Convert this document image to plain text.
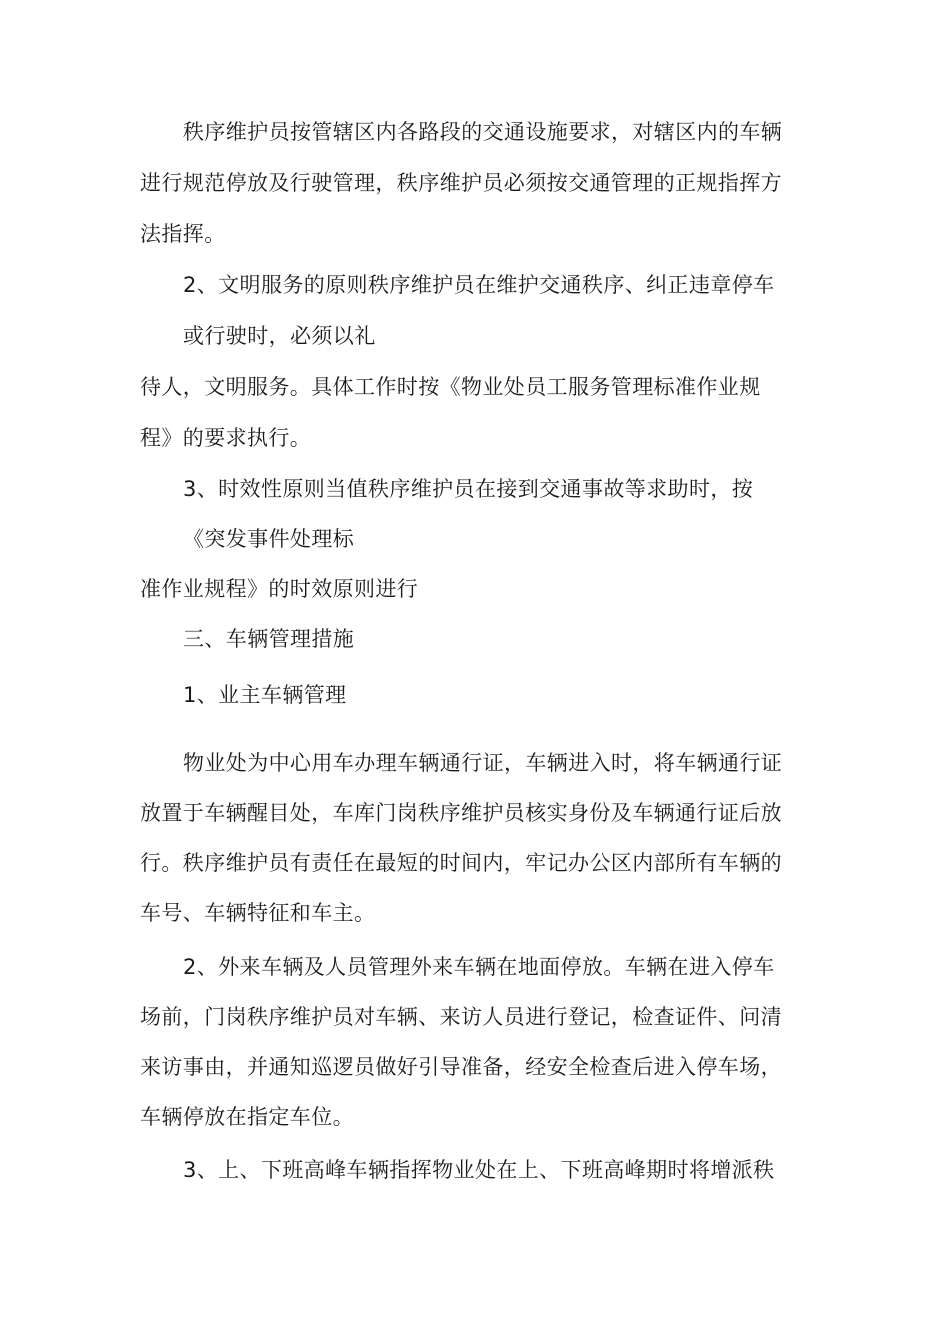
秩序维护员按管辖区内各路段的交通设施要求，对辖区内的车辆
进行规范停放及行驶管理，秩序维护员必须按交通管理的正规指挥方
法指挥。
2、文明服务的原则秩序维护员在维护交通秩序、纠正违章停车
或行驶时，必须以礼
待人，文明服务。具体工作时按《物业处员工服务管理标准作业规
程》的要求执行。
3、时效性原则当值秩序维护员在接到交通事故等求助时，按
《突发事件处理标
准作业规程》的时效原则进行
三、车辆管理措施
1、业主车辆管理
物业处为中心用车办理车辆通行证，车辆进入时，将车辆通行证
放置于车辆醒目处，车库门岗秩序维护员核实身份及车辆通行证后放
行。秩序维护员有责任在最短的时间内，牢记办公区内部所有车辆的
车号、车辆特征和车主。
2、外来车辆及人员管理外来车辆在地面停放。车辆在进入停车
场前，门岗秩序维护员对车辆、来访人员进行登记，检查证件、问清
来访事由，并通知巡逻员做好引导准备，经安全检查后进入停车场，
车辆停放在指定车位。
3、上、下班高峰车辆指挥物业处在上、下班高峰期时将增派秩
